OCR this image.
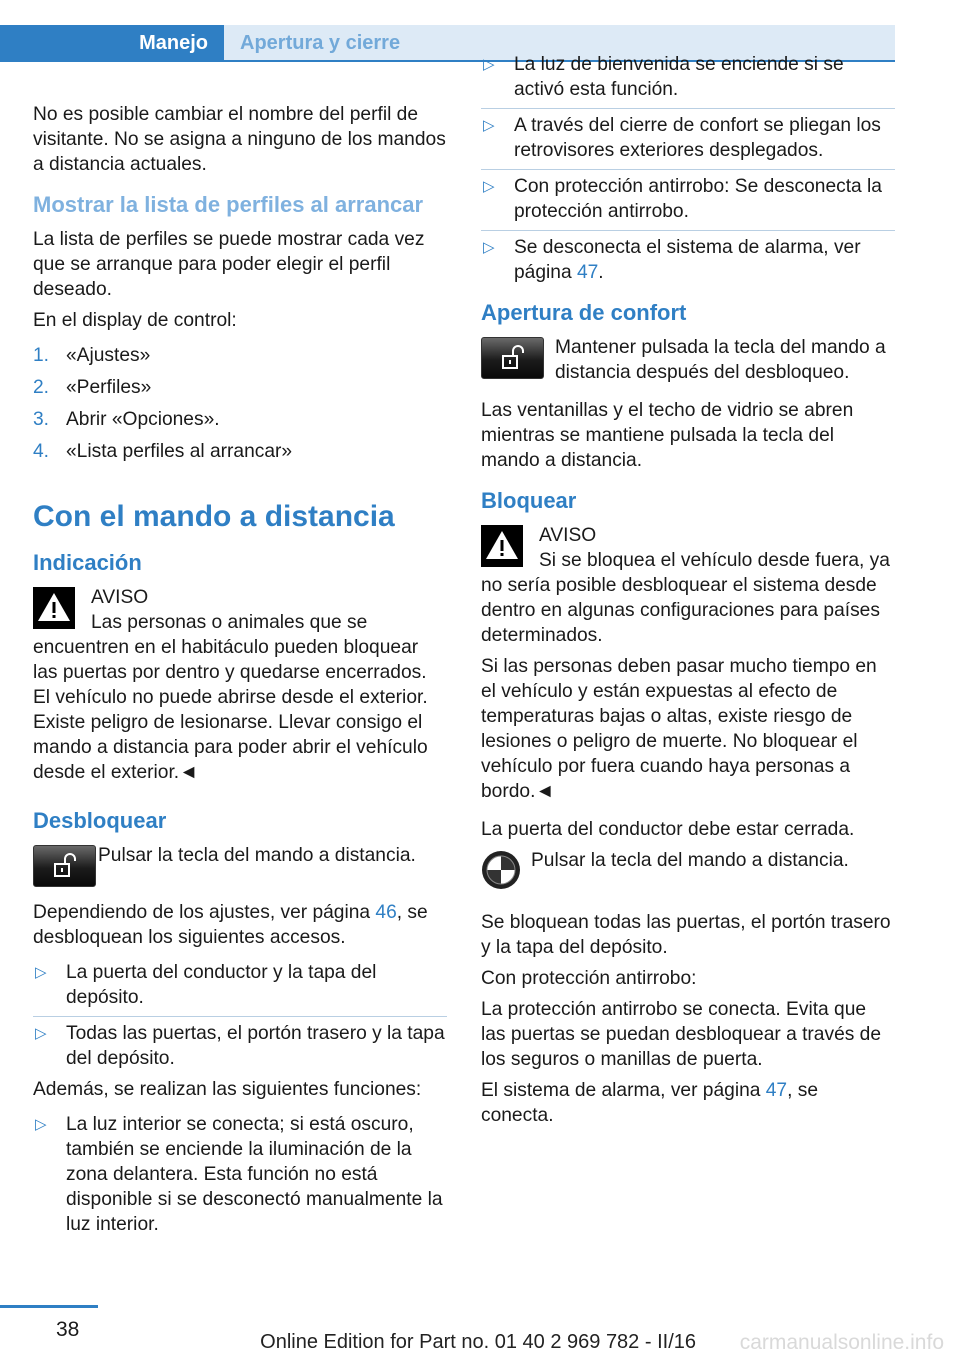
Manejo	Apertura y cierre

No es posible cambiar el nombre del perfil de visitante. No se asigna a ninguno de los mandos a distancia actuales.

Mostrar la lista de perfiles al arrancar

La lista de perfiles se puede mostrar cada vez que se arranque para poder elegir el perfil deseado.

En el display de control:

1. «Ajustes»
2. «Perfiles»
3. Abrir «Opciones».
4. «Lista perfiles al arrancar»
Con el mando a distancia
Indicación
AVISO
Las personas o animales que se encuentren en el habitáculo pueden bloquear las puertas por dentro y quedarse encerrados. El vehículo no puede abrirse desde el exterior. Existe peligro de lesionarse. Llevar consigo el mando a distancia para poder abrir el vehículo desde el exterior.◄
Desbloquear
Pulsar la tecla del mando a distancia.

Dependiendo de los ajustes, ver página 46, se desbloquean los siguientes accesos.

▷	La puerta del conductor y la tapa del depósito.
▷	Todas las puertas, el portón trasero y la tapa del depósito.

Además, se realizan las siguientes funciones:

▷	La luz interior se conecta; si está oscuro, también se enciende la iluminación de la zona delantera. Esta función no está disponible si se desconectó manualmente la luz interior.
▷	La luz de bienvenida se enciende si se activó esta función.
▷	A través del cierre de confort se pliegan los retrovisores exteriores desplegados.
▷	Con protección antirrobo: Se desconecta la protección antirrobo.
▷	Se desconecta el sistema de alarma, ver página 47.
Apertura de confort
Mantener pulsada la tecla del mando a distancia después del desbloqueo.

Las ventanillas y el techo de vidrio se abren mientras se mantiene pulsada la tecla del mando a distancia.

Bloquear
AVISO
Si se bloquea el vehículo desde fuera, ya no sería posible desbloquear el sistema desde dentro en algunas configuraciones para países determinados.

Si las personas deben pasar mucho tiempo en el vehículo y están expuestas al efecto de temperaturas bajas o altas, existe riesgo de lesiones o peligro de muerte. No bloquear el vehículo por fuera cuando haya personas a bordo.◄

La puerta del conductor debe estar cerrada.

Pulsar la tecla del mando a distancia.

Se bloquean todas las puertas, el portón trasero y la tapa del depósito.

Con protección antirrobo:

La protección antirrobo se conecta. Evita que las puertas se puedan desbloquear a través de los seguros o manillas de puerta.

El sistema de alarma, ver página 47, se conecta.

38
Online Edition for Part no. 01 40 2 969 782 - II/16 carmanualsonline.info
